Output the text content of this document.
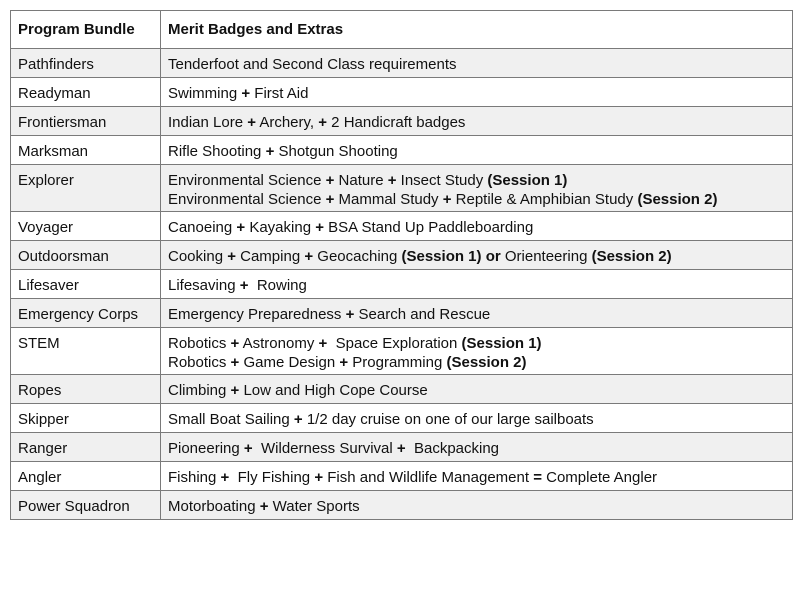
Program Bundle	Merit Badges and Extras
Pathfinders	Tenderfoot and Second Class requirements

Readyman	Swimming + First Aid

Frontiersman	Indian Lore + Archery, + 2 Handicraft badges

Marksman	Rifle Shooting + Shotgun Shooting

Explorer	Environmental Science + Nature + Insect Study (Session 1)
Environmental Science + Mammal Study + Reptile & Amphibian Study (Session 2)

Voyager	Canoeing + Kayaking + BSA Stand Up Paddleboarding

Outdoorsman	Cooking + Camping + Geocaching (Session 1) or Orienteering (Session 2)

Lifesaver	Lifesaving +  Rowing

Emergency Corps	Emergency Preparedness + Search and Rescue

STEM	Robotics + Astronomy +  Space Exploration (Session 1)
Robotics + Game Design + Programming (Session 2)

Ropes	Climbing + Low and High Cope Course

Skipper	Small Boat Sailing + 1/2 day cruise on one of our large sailboats

Ranger	Pioneering +  Wilderness Survival +  Backpacking

Angler	Fishing +  Fly Fishing + Fish and Wildlife Management = Complete Angler

Power Squadron	Motorboating + Water Sports
